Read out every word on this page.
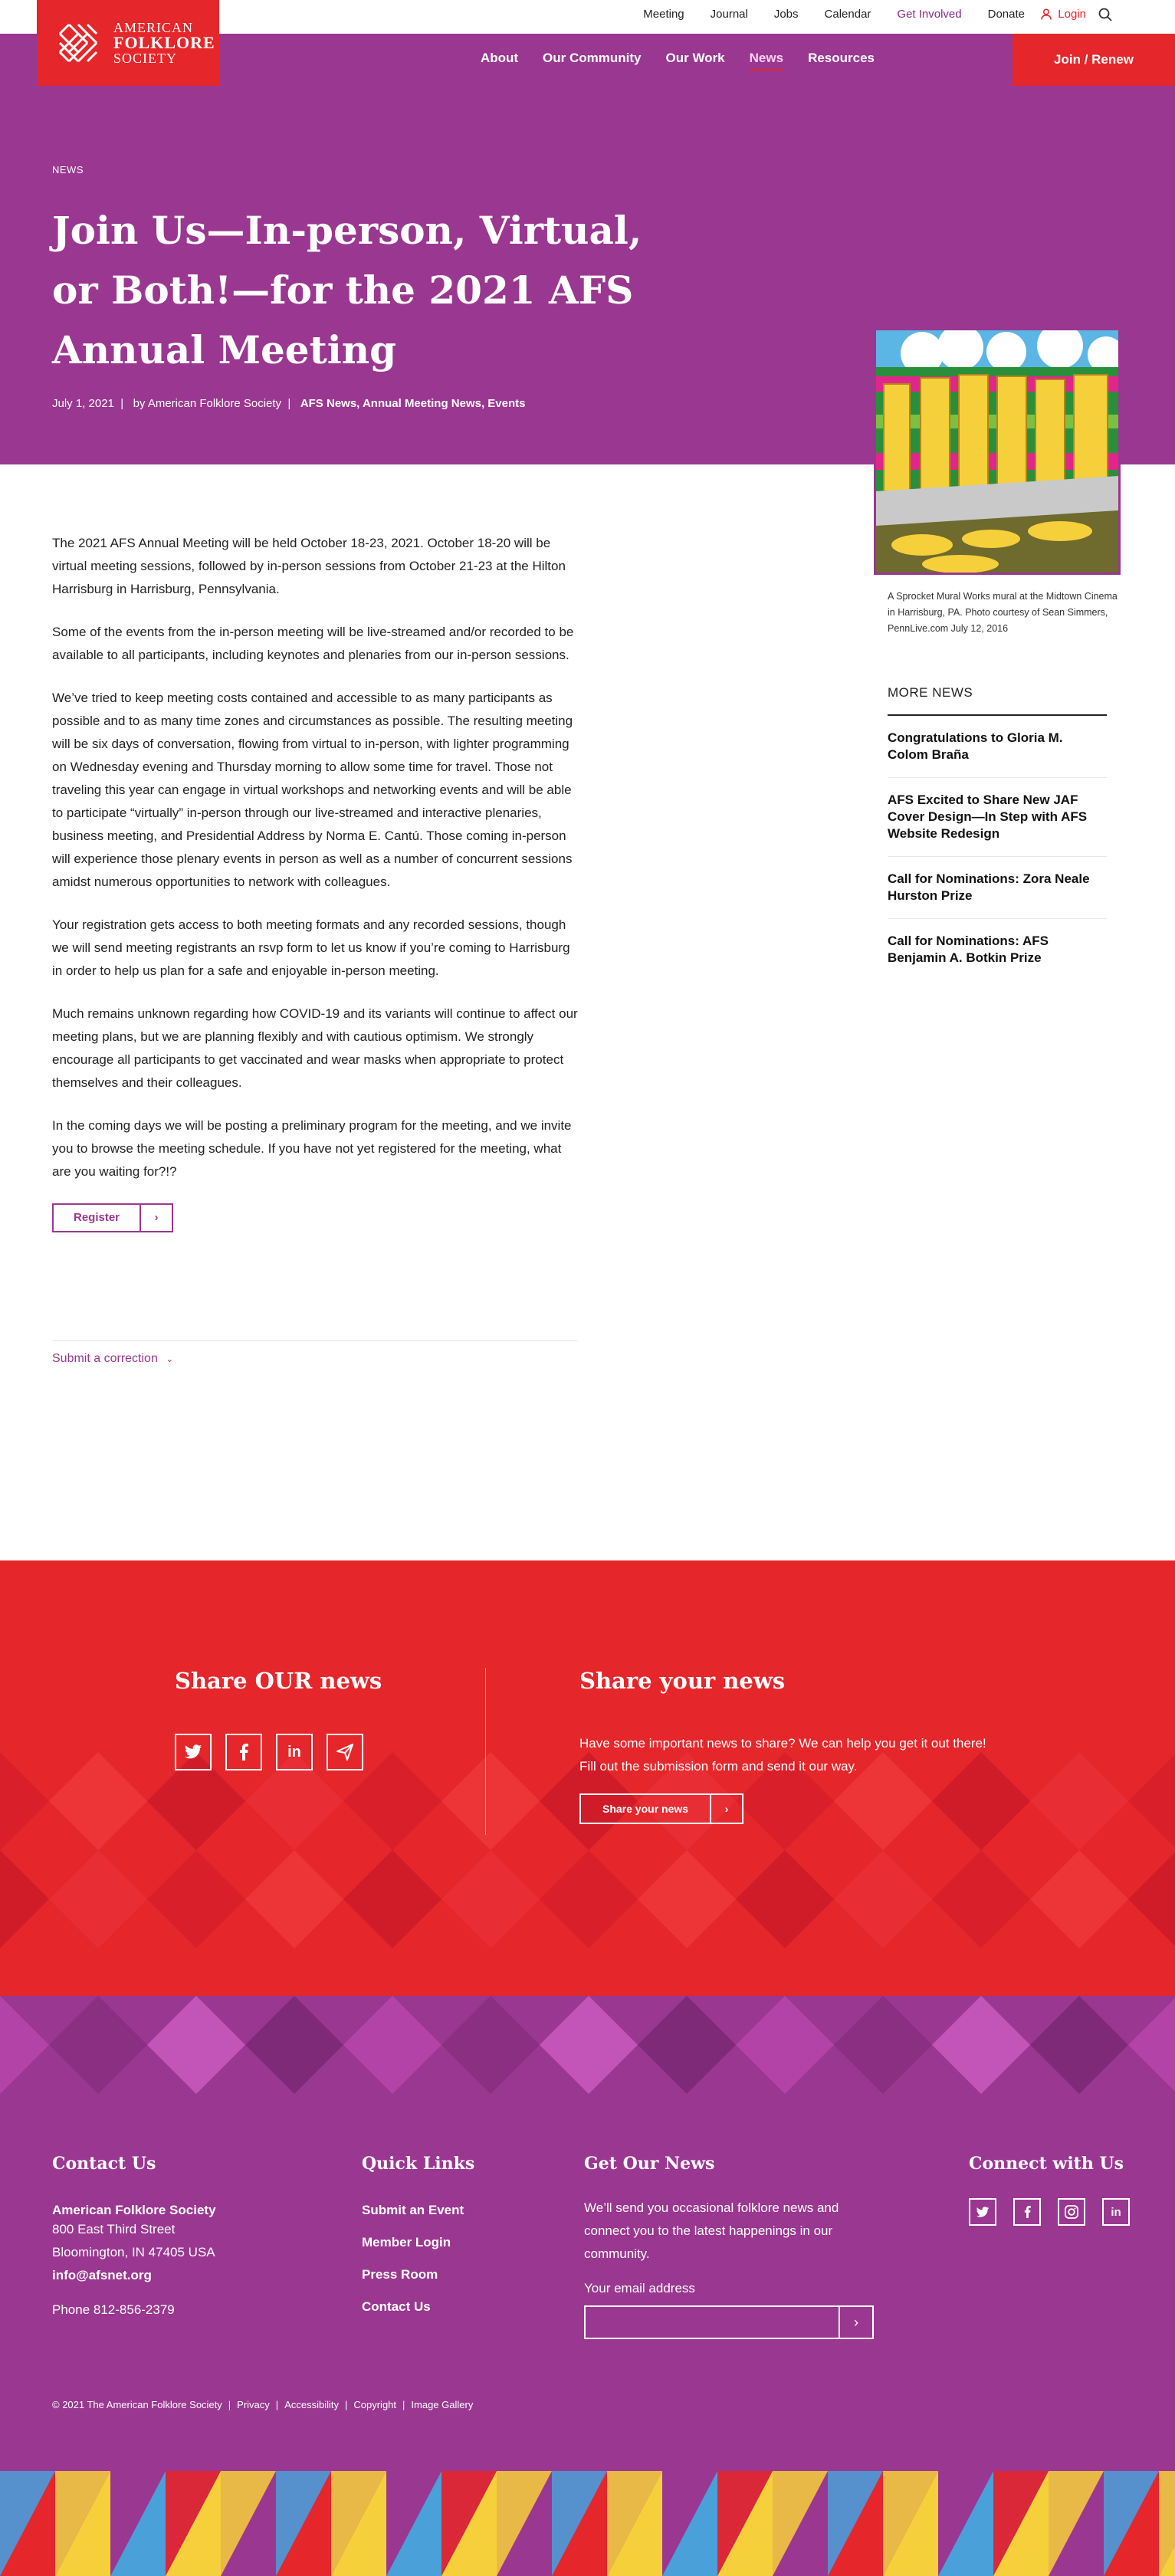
Meeting Journal Jobs Calendar Get Involved Donate	Login
AMERICAN
FOLKLORE
SOCIETY	About Our Community Our Work News Resources	Join / Renew
NEWS
Join Us—In-person, Virtual, or Both!—for the 2021 AFS Annual Meeting
July 1, 2021  |   by American Folklore Society  |   AFS News, Annual Meeting News, Events
A Sprocket Mural Works mural at the Midtown Cinema in Harrisburg, PA. Photo courtesy of Sean Simmers, PennLive.com July 12, 2016

The 2021 AFS Annual Meeting will be held October 18-23, 2021. October 18-20 will be virtual meeting sessions, followed by in-person sessions from October 21-23 at the Hilton Harrisburg in Harrisburg, Pennsylvania.

Some of the events from the in-person meeting will be live-streamed and/or recorded to be available to all participants, including keynotes and plenaries from our in-person sessions.

We’ve tried to keep meeting costs contained and accessible to as many participants as possible and to as many time zones and circumstances as possible. The resulting meeting will be six days of conversation, flowing from virtual to in-person, with lighter programming on Wednesday evening and Thursday morning to allow some time for travel. Those not traveling this year can engage in virtual workshops and networking events and will be able to participate “virtually” in-person through our live-streamed and interactive plenaries, business meeting, and Presidential Address by Norma E. Cantú. Those coming in-person will experience those plenary events in person as well as a number of concurrent sessions amidst numerous opportunities to network with colleagues.

Your registration gets access to both meeting formats and any recorded sessions, though we will send meeting registrants an rsvp form to let us know if you’re coming to Harrisburg in order to help us plan for a safe and enjoyable in-person meeting.

Much remains unknown regarding how COVID-19 and its variants will continue to affect our meeting plans, but we are planning flexibly and with cautious optimism. We strongly encourage all participants to get vaccinated and wear masks when appropriate to protect themselves and their colleagues.

In the coming days we will be posting a preliminary program for the meeting, and we invite you to browse the meeting schedule. If you have not yet registered for the meeting, what are you waiting for?!?

Register	›
Submit a correction ⌄
MORE NEWS
Congratulations to Gloria M. Colom Braña
AFS Excited to Share New JAF Cover Design—In Step with AFS Website Redesign
Call for Nominations: Zora Neale Hurston Prize
Call for Nominations: AFS Benjamin A. Botkin Prize
Share OUR news
in
Share your news

Have some important news to share? We can help you get it out there! Fill out the submission form and send it our way.

Share your news	›
Contact Us
American Folklore Society
800 East Third Street
Bloomington, IN 47405 USA
info@afsnet.org
Phone 812-856-2379
Quick Links
Submit an Event
Member Login
Press Room
Contact Us
Get Our News

We’ll send you occasional folklore news and connect you to the latest happenings in our community.

Your email address
›
Connect with Us
in
© 2021 The American Folklore Society | Privacy | Accessibility | Copyright | Image Gallery
